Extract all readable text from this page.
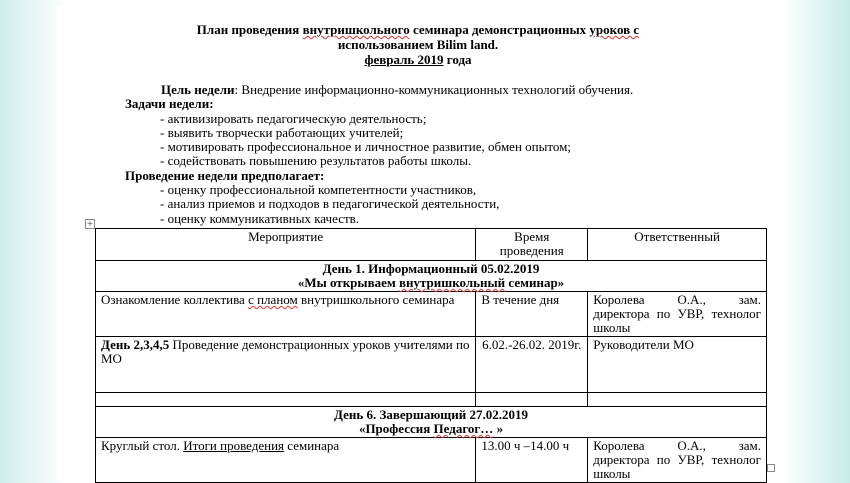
План проведения внутришкольного семинара демонстрационных уроков с
использованием Bilim land.
февраль 2019 года
Цель недели: Внедрение информационно-коммуникационных технологий обучения.
Задачи недели:
- активизировать педагогическую деятельность;
- выявить творчески работающих учителей;
- мотивировать профессиональное и личностное развитие, обмен опытом;
- содействовать повышению результатов работы школы.
Проведение недели предполагает:
- оценку профессиональной компетентности участников,
- анализ приемов и подходов в педагогической деятельности,
- оценку коммуникативных качеств.
+
Мероприятие	Время проведения	Ответственный

День 1. Информационный 05.02.2019
«Мы открываем внутришкольный семинар»		

Ознакомление коллектива с планом внутришкольного семинара	В течение дня	Королева О.А., зам. директора по УВР, технолог школы
День 2,3,4,5 Проведение демонстрационных уроков учителями по МО	6.02.-26.02. 2019г.	Руководители МО

День 6. Завершающий 27.02.2019
«Профессия Педагог… »		

Круглый стол. Итоги проведения семинара	13.00 ч –14.00 ч	Королева О.А., зам. директора по УВР, технолог школы
